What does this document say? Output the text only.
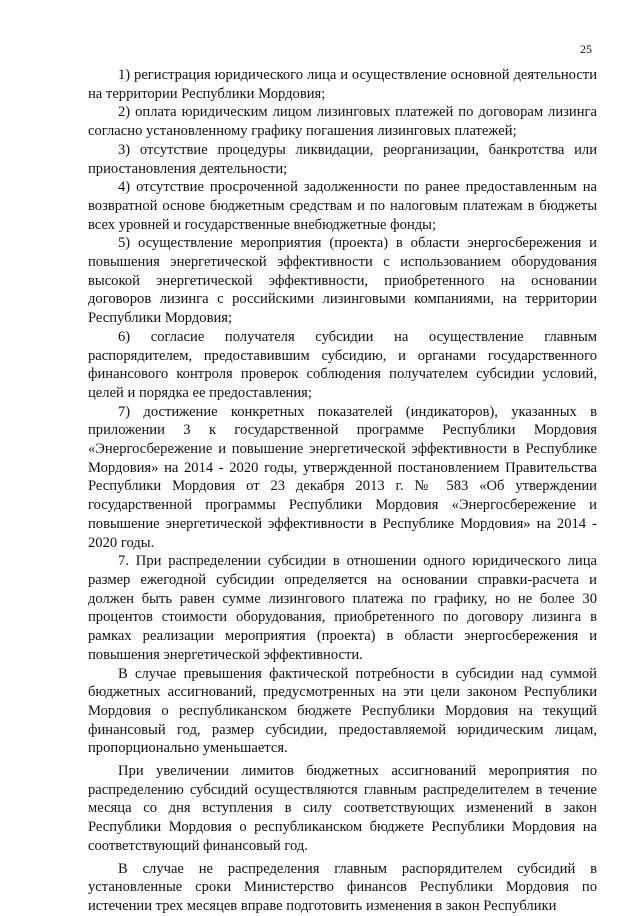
25

1) регистрация юридического лица и осуществление основной деятельности на территории Республики Мордовия;

2) оплата юридическим лицом лизинговых платежей по договорам лизинга согласно установленному графику погашения лизинговых платежей;

3) отсутствие процедуры ликвидации, реорганизации, банкротства или приостановления деятельности;

4) отсутствие просроченной задолженности по ранее предоставленным на возвратной основе бюджетным средствам и по налоговым платежам в бюджеты всех уровней и государственные внебюджетные фонды;

5) осуществление мероприятия (проекта) в области энергосбережения и повышения энергетической эффективности с использованием оборудования высокой энергетической эффективности, приобретенного на основании договоров лизинга с российскими лизинговыми компаниями, на территории Республики Мордовия;

6) согласие получателя субсидии на осуществление главным распорядителем, предоставившим субсидию, и органами государственного финансового контроля проверок соблюдения получателем субсидии условий, целей и порядка ее предоставления;

7) достижение конкретных показателей (индикаторов), указанных в приложении 3 к государственной программе Республики Мордовия «Энергосбережение и повышение энергетической эффективности в Республике Мордовия» на 2014 - 2020 годы, утвержденной постановлением Правительства Республики Мордовия от 23 декабря 2013 г. № 583 «Об утверждении государственной программы Республики Мордовия «Энергосбережение и повышение энергетической эффективности в Республике Мордовия» на 2014 - 2020 годы.

7. При распределении субсидии в отношении одного юридического лица размер ежегодной субсидии определяется на основании справки-расчета и должен быть равен сумме лизингового платежа по графику, но не более 30 процентов стоимости оборудования, приобретенного по договору лизинга в рамках реализации мероприятия (проекта) в области энергосбережения и повышения энергетической эффективности.

В случае превышения фактической потребности в субсидии над суммой бюджетных ассигнований, предусмотренных на эти цели законом Республики Мордовия о республиканском бюджете Республики Мордовия на текущий финансовый год, размер субсидии, предоставляемой юридическим лицам, пропорционально уменьшается.

При увеличении лимитов бюджетных ассигнований мероприятия по распределению субсидий осуществляются главным распределителем в течение месяца со дня вступления в силу соответствующих изменений в закон Республики Мордовия о республиканском бюджете Республики Мордовия на соответствующий финансовый год.

В случае не распределения главным распорядителем субсидий в установленные сроки Министерство финансов Республики Мордовия по истечении трех месяцев вправе подготовить изменения в закон Республики
